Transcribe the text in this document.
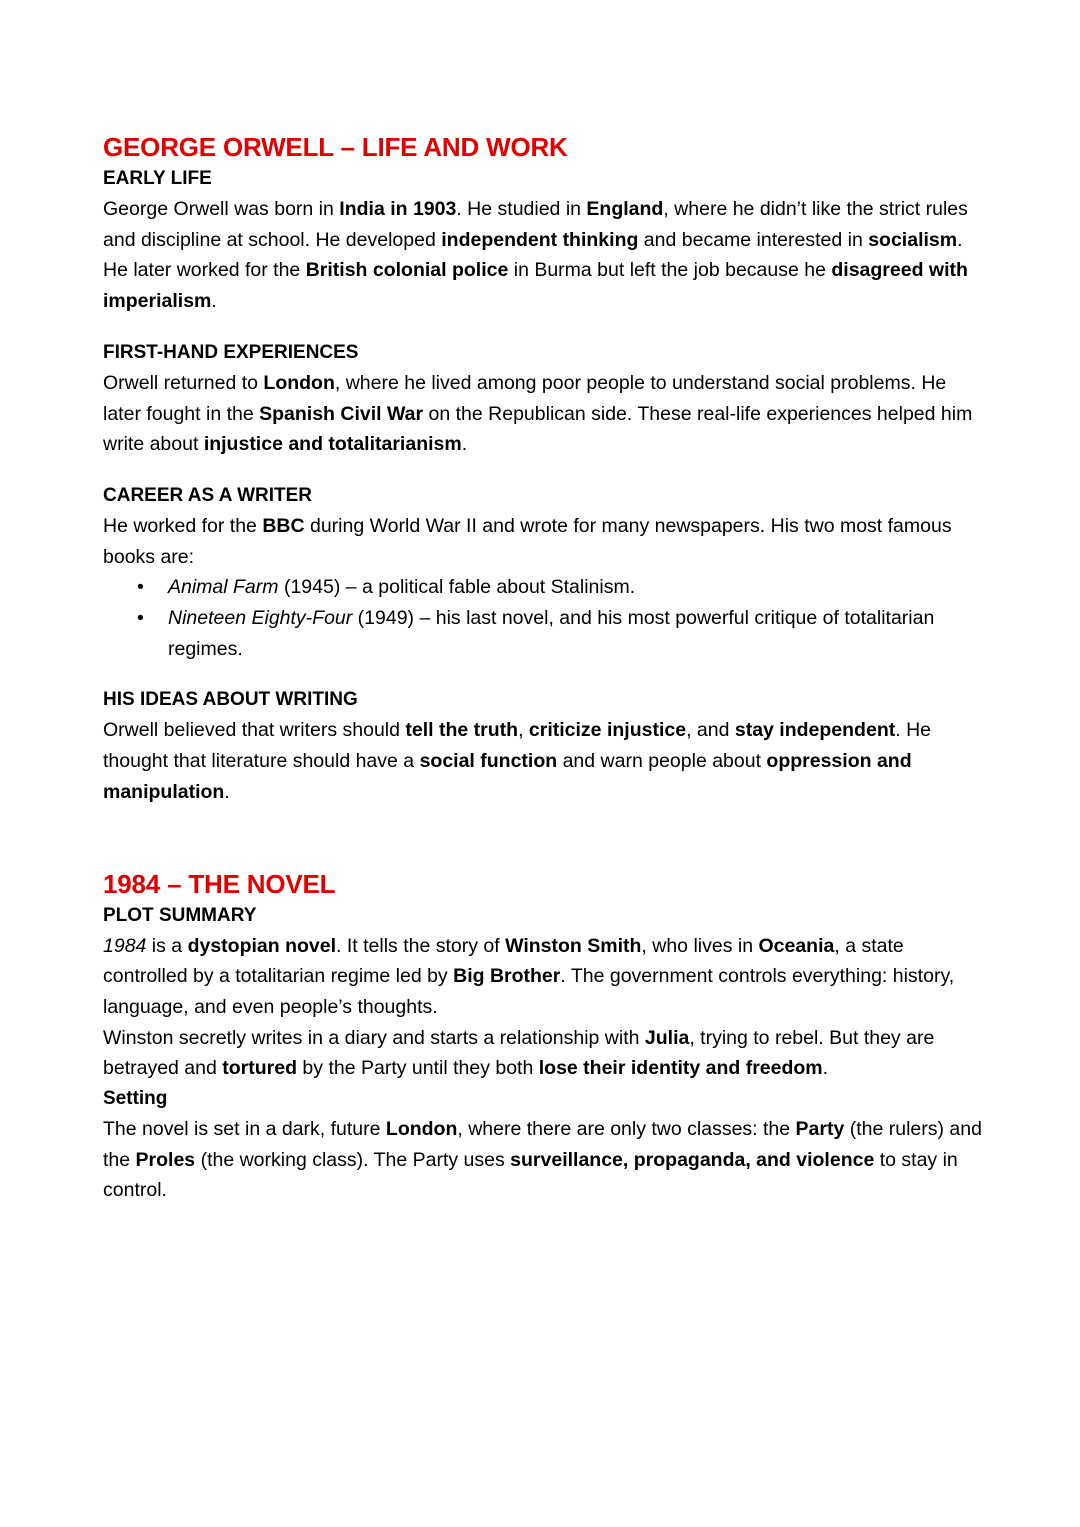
GEORGE ORWELL – LIFE AND WORK
EARLY LIFE

George Orwell was born in India in 1903. He studied in England, where he didn’t like the strict rules and discipline at school. He developed independent thinking and became interested in socialism. He later worked for the British colonial police in Burma but left the job because he disagreed with imperialism.

FIRST-HAND EXPERIENCES

Orwell returned to London, where he lived among poor people to understand social problems. He later fought in the Spanish Civil War on the Republican side. These real-life experiences helped him write about injustice and totalitarianism.

CAREER AS A WRITER

He worked for the BBC during World War II and wrote for many newspapers. His two most famous books are:

• Animal Farm (1945) – a political fable about Stalinism.
• Nineteen Eighty-Four (1949) – his last novel, and his most powerful critique of totalitarian regimes.
HIS IDEAS ABOUT WRITING

Orwell believed that writers should tell the truth, criticize injustice, and stay independent. He thought that literature should have a social function and warn people about oppression and manipulation.

1984 – THE NOVEL
PLOT SUMMARY

1984 is a dystopian novel. It tells the story of Winston Smith, who lives in Oceania, a state controlled by a totalitarian regime led by Big Brother. The government controls everything: history, language, and even people’s thoughts.

Winston secretly writes in a diary and starts a relationship with Julia, trying to rebel. But they are betrayed and tortured by the Party until they both lose their identity and freedom.

Setting

The novel is set in a dark, future London, where there are only two classes: the Party (the rulers) and the Proles (the working class). The Party uses surveillance, propaganda, and violence to stay in control.
